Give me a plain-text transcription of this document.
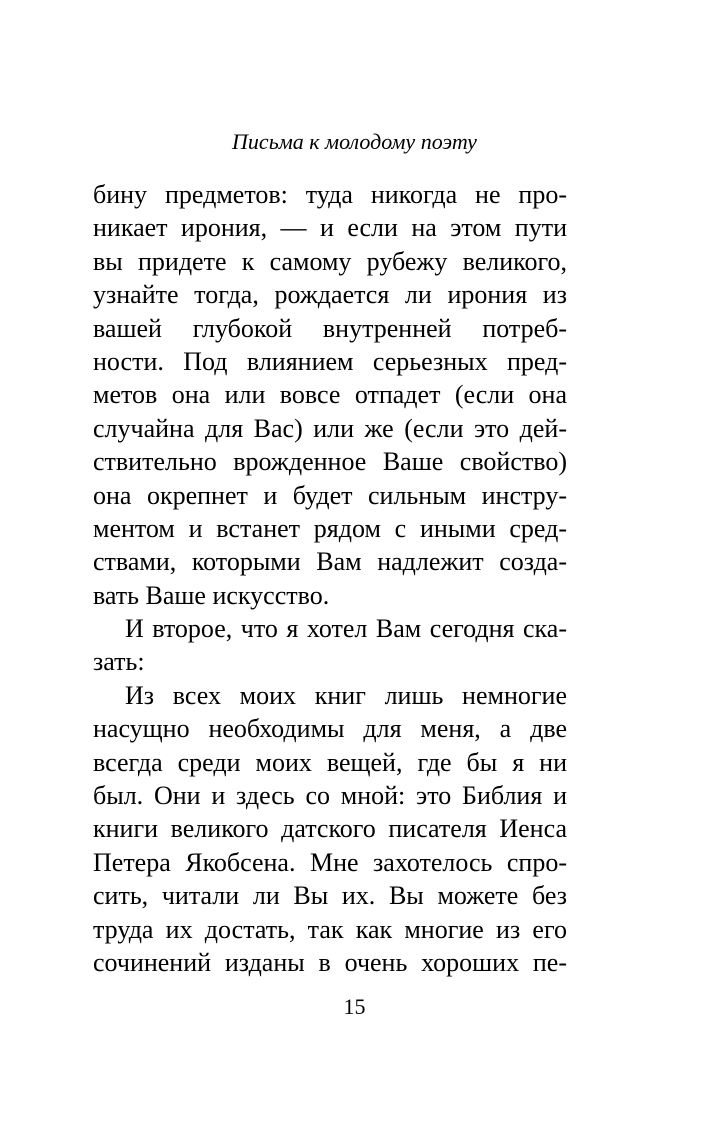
Письма к молодому поэту
бину предметов: туда никогда не про-
никает ирония, — и если на этом пути
вы придете к самому рубежу великого,
узнайте тогда, рождается ли ирония из
вашей глубокой внутренней потреб-
ности. Под влиянием серьезных пред-
метов она или вовсе отпадет (если она
случайна для Вас) или же (если это дей-
ствительно врожденное Ваше свойство)
она окрепнет и будет сильным инстру-
ментом и встанет рядом с иными сред-
ствами, которыми Вам надлежит созда-
вать Ваше искусство.
И второе, что я хотел Вам сегодня ска-
зать:
Из всех моих книг лишь немногие
насущно необходимы для меня, а две
всегда среди моих вещей, где бы я ни
был. Они и здесь со мной: это Библия и
книги великого датского писателя Иенса
Петера Якобсена. Мне захотелось спро-
сить, читали ли Вы их. Вы можете без
труда их достать, так как многие из его
сочинений изданы в очень хороших пе-
15
